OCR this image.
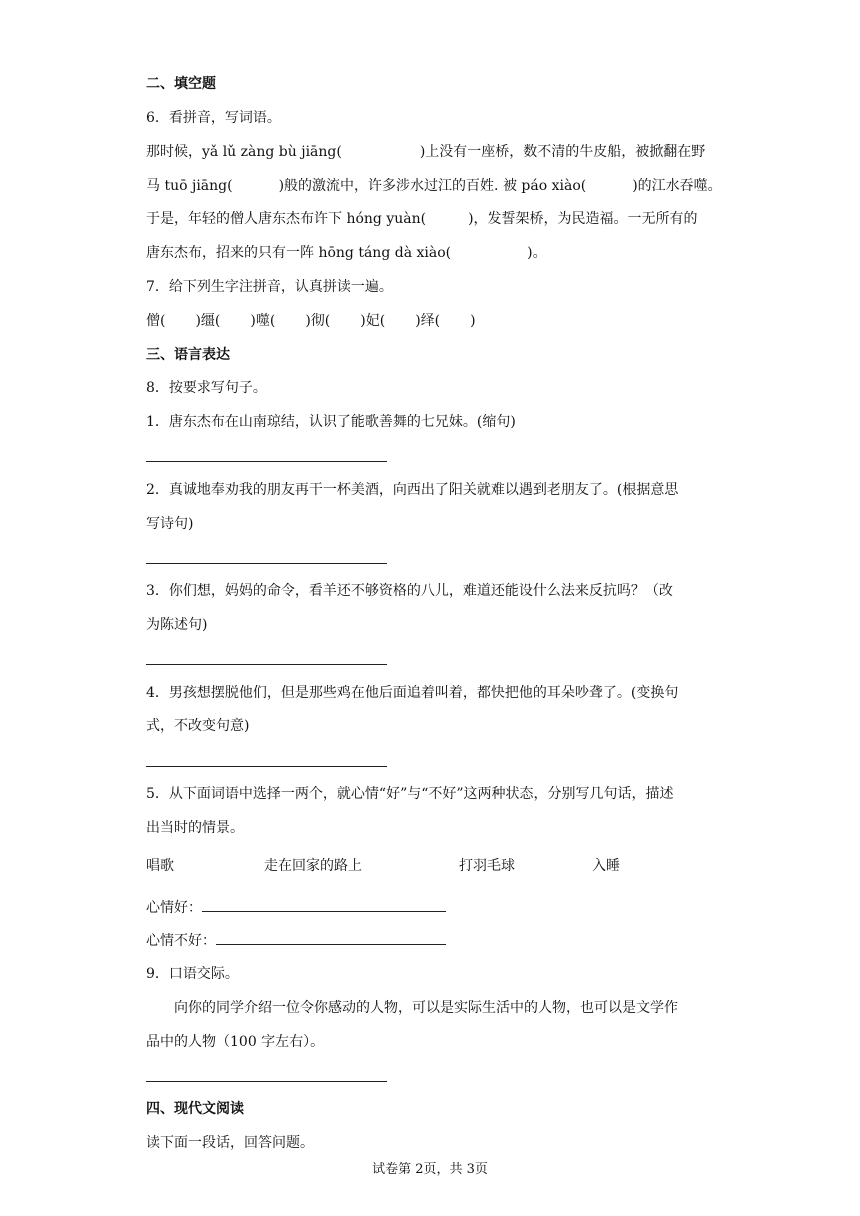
二、填空题
6．看拼音，写词语。
那时候，yǎ lǔ zàng bù jiāng(	)上没有一座桥，数不清的牛皮船，被掀翻在野
马 tuō jiāng(	)般的激流中，许多涉水过江的百姓. 被 páo xiào(	)的江水吞噬。
于是，年轻的僧人唐东杰布许下 hóng yuàn(	)，发誓架桥，为民造福。一无所有的
唐东杰布，招来的只有一阵 hōng táng dà xiào(	)。
7．给下列生字注拼音，认真拼读一遍。
僧( )缰( )噬( )彻( )妃( )绎( )
三、语言表达
8．按要求写句子。
1．唐东杰布在山南琼结，认识了能歌善舞的七兄妹。(缩句)
2．真诚地奉劝我的朋友再干一杯美酒，向西出了阳关就难以遇到老朋友了。(根据意思
写诗句)
3．你们想，妈妈的命令，看羊还不够资格的八儿，难道还能设什么法来反抗吗？（改
为陈述句)
4．男孩想摆脱他们，但是那些鸡在他后面追着叫着，都快把他的耳朵吵聋了。(变换句
式，不改变句意)
5．从下面词语中选择一两个，就心情“好”与“不好”这两种状态，分别写几句话，描述
出当时的情景。
唱歌	走在回家的路上	打羽毛球	入睡
心情好：
心情不好：
9．口语交际。
向你的同学介绍一位令你感动的人物，可以是实际生活中的人物，也可以是文学作
品中的人物（100 字左右）。
四、现代文阅读
读下面一段话，回答问题。
试卷第 2页，共 3页
